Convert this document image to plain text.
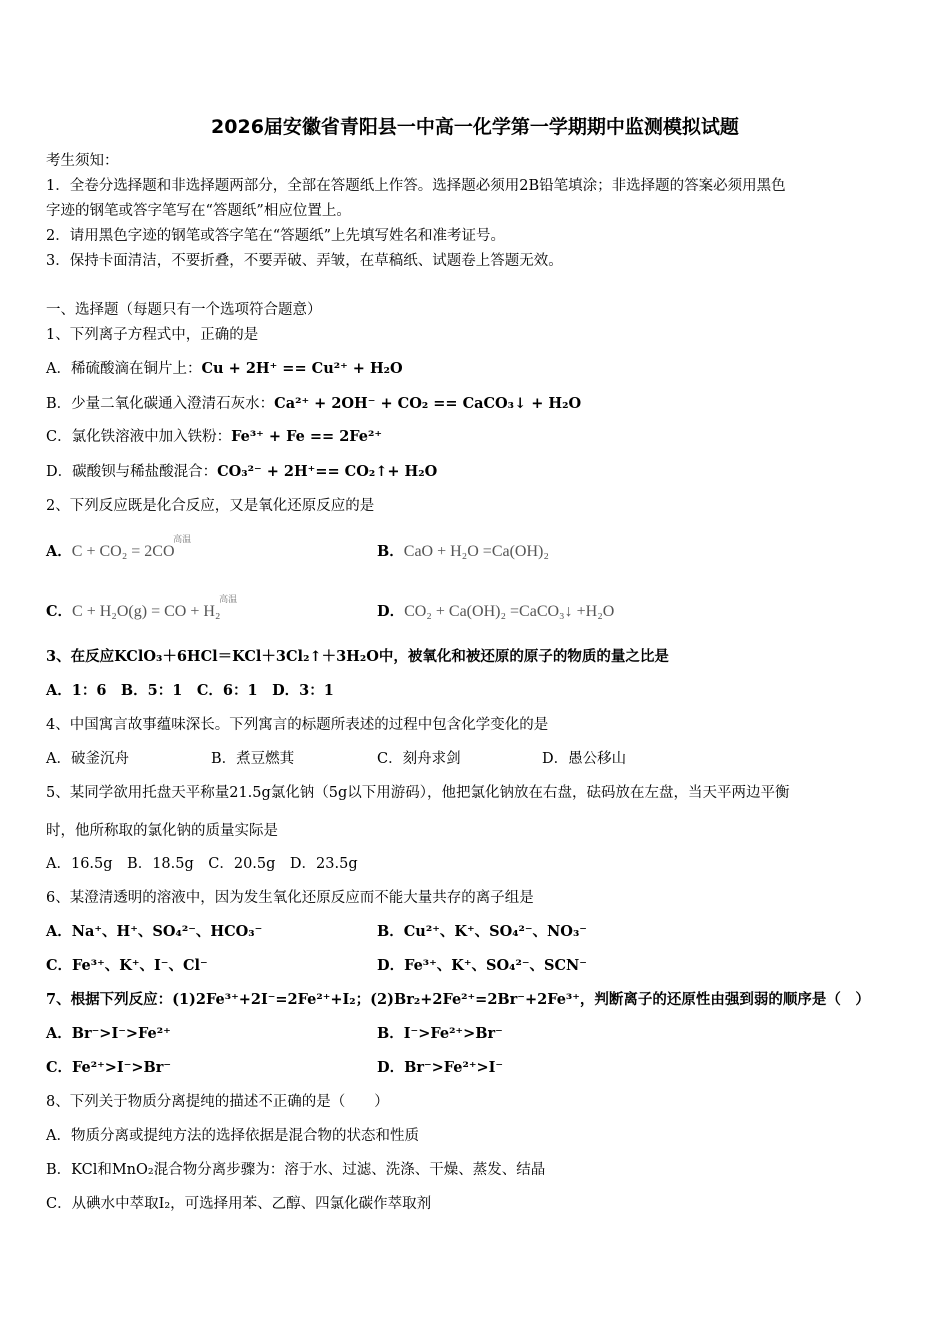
2026届安徽省青阳县一中高一化学第一学期期中监测模拟试题
考生须知：
1．全卷分选择题和非选择题两部分，全部在答题纸上作答。选择题必须用2B铅笔填涂；非选择题的答案必须用黑色
字迹的钢笔或答字笔写在“答题纸”相应位置上。
2．请用黑色字迹的钢笔或答字笔在“答题纸”上先填写姓名和准考证号。
3．保持卡面清洁，不要折叠，不要弄破、弄皱，在草稿纸、试题卷上答题无效。
一、选择题（每题只有一个选项符合题意）
1、下列离子方程式中，正确的是
A．稀硫酸滴在铜片上：Cu + 2H⁺ == Cu²⁺ + H₂O
B．少量二氧化碳通入澄清石灰水：Ca²⁺ + 2OH⁻ + CO₂ == CaCO₃↓ + H₂O
C．氯化铁溶液中加入铁粉：Fe³⁺ + Fe == 2Fe²⁺
D．碳酸钡与稀盐酸混合：CO₃²⁻ + 2H⁺== CO₂↑+ H₂O
2、下列反应既是化合反应，又是氧化还原反应的是
A．C + CO₂ = 2CO $^{高温}$
B．CaO + H₂O =Ca(OH)₂
C．C + H₂O(g) = CO + H₂ $^{高温}$
D．CO₂ + Ca(OH)₂ =CaCO₃↓ +H₂O
3、在反应KClO₃＋6HCl＝KCl＋3Cl₂↑＋3H₂O中，被氧化和被还原的原子的物质的量之比是
A．1：6　B．5：1　C．6：1　D．3：1
4、中国寓言故事蕴味深长。下列寓言的标题所表述的过程中包含化学变化的是
A．破釜沉舟	B．煮豆燃萁	C．刻舟求剑	D．愚公移山
5、某同学欲用托盘天平称量21.5g氯化钠（5g以下用游码），他把氯化钠放在右盘，砝码放在左盘，当天平两边平衡
时，他所称取的氯化钠的质量实际是
A．16.5g　B．18.5g　C．20.5g　D．23.5g
6、某澄清透明的溶液中，因为发生氧化还原反应而不能大量共存的离子组是
A．Na⁺、H⁺、SO₄²⁻、HCO₃⁻	B．Cu²⁺、K⁺、SO₄²⁻、NO₃⁻
C．Fe³⁺、K⁺、I⁻、Cl⁻	D．Fe³⁺、K⁺、SO₄²⁻、SCN⁻
7、根据下列反应：(1)2Fe³⁺+2I⁻=2Fe²⁺+I₂；(2)Br₂+2Fe²⁺=2Br⁻+2Fe³⁺，判断离子的还原性由强到弱的顺序是（　）
A．Br⁻>I⁻>Fe²⁺	B．I⁻>Fe²⁺>Br⁻
C．Fe²⁺>I⁻>Br⁻	D．Br⁻>Fe²⁺>I⁻
8、下列关于物质分离提纯的描述不正确的是（　　）
A．物质分离或提纯方法的选择依据是混合物的状态和性质
B．KCl和MnO₂混合物分离步骤为：溶于水、过滤、洗涤、干燥、蒸发、结晶
C．从碘水中萃取I₂，可选择用苯、乙醇、四氯化碳作萃取剂
